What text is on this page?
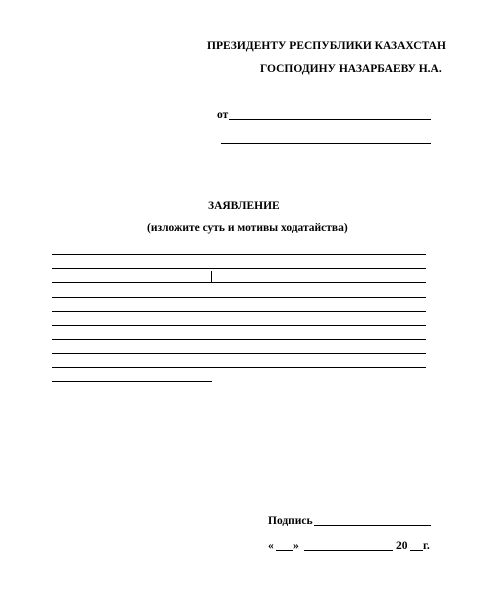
ПРЕЗИДЕНТУ РЕСПУБЛИКИ КАЗАХСТАН
ГОСПОДИНУ НАЗАРБАЕВУ Н.А.
от
ЗАЯВЛЕНИЕ
(изложите суть и мотивы ходатайства)
Подпись
« »	20 г.
